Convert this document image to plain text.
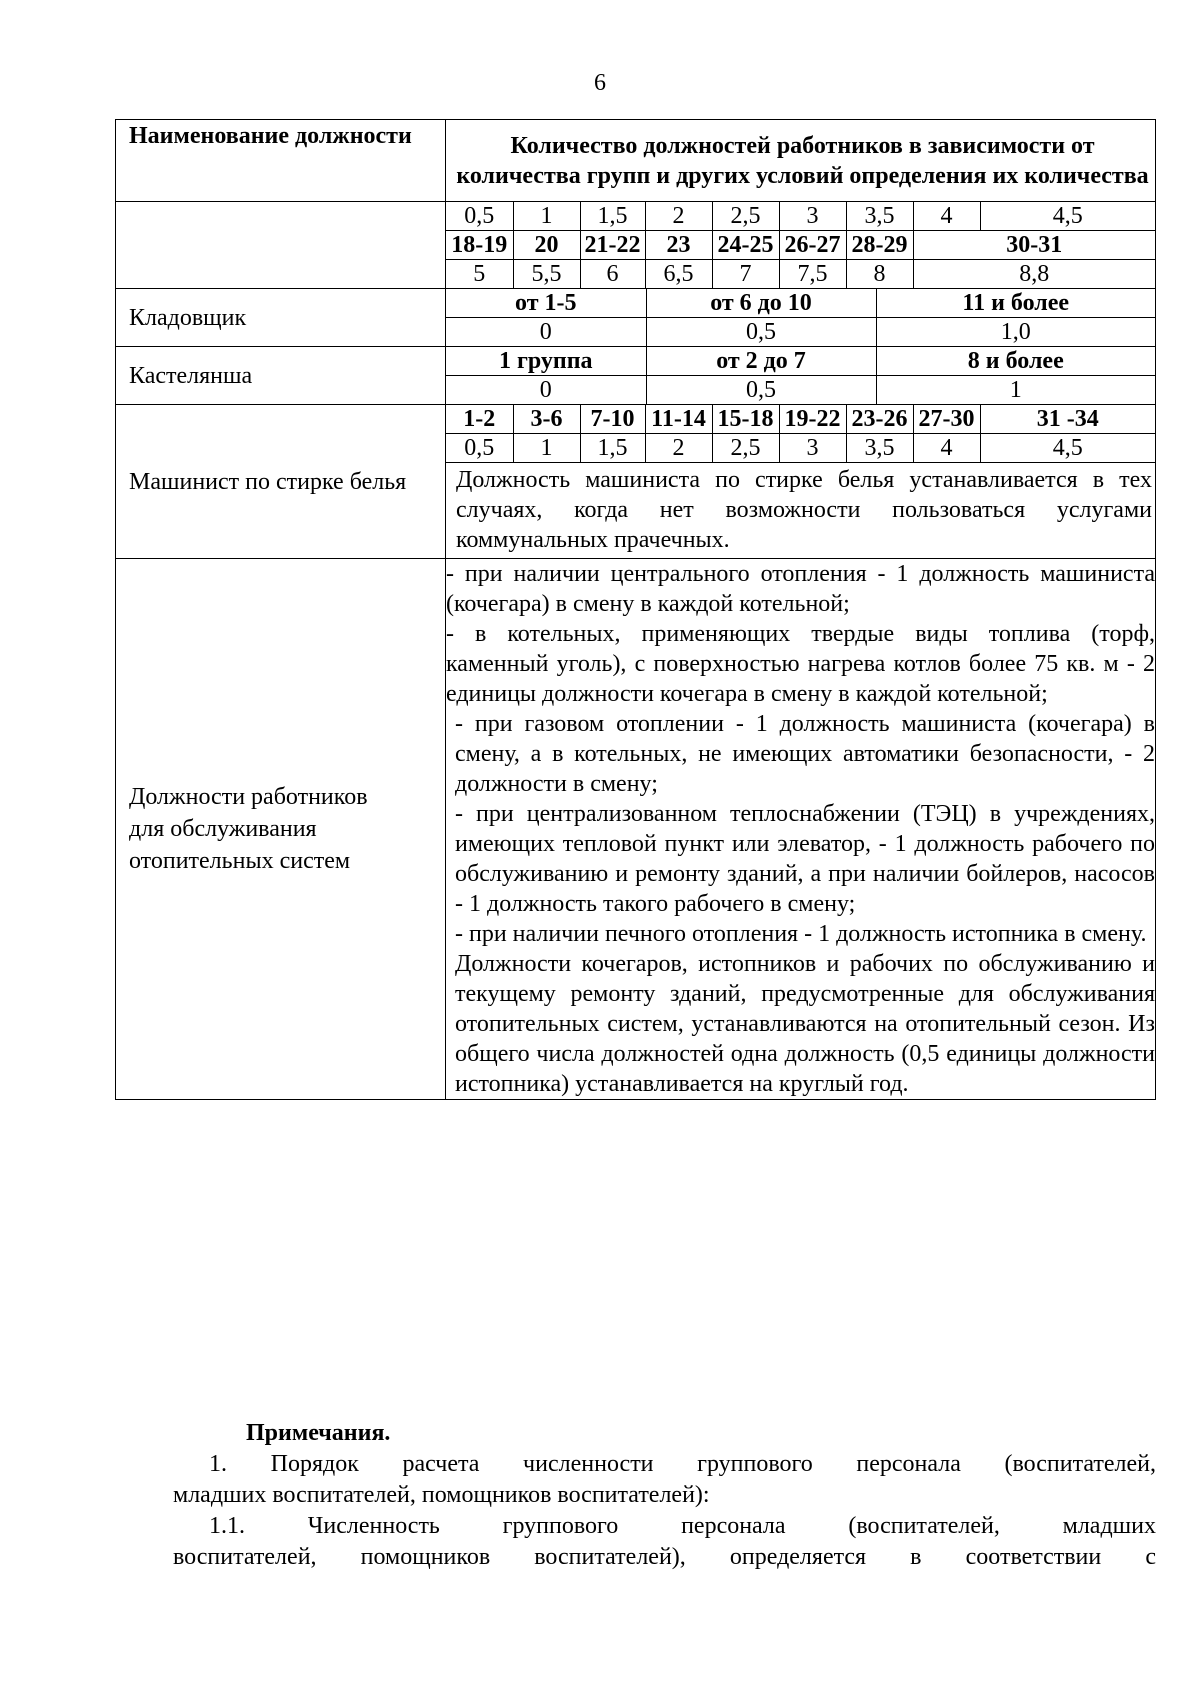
6
Наименование должности	Количество должностей работников в зависимости от количества групп и других условий определения их количества

0,5	1	1,5	2	2,5	3	3,5	4	4,5
18-19	20	21-22	23	24-25	26-27	28-29	30-31
5	5,5	6	6,5	7	7,5	8	8,8

Кладовщик	
от 1-5	от 6 до 10	11 и более
0	0,5	1,0

Кастелянша	
1 группа	от 2 до 7	8 и более
0	0,5	1

Машинист по стирке белья	
1-2	3-6	7-10	11-14	15-18	19-22	23-26	27-30	31 -34
0,5	1	1,5	2	2,5	3	3,5	4	4,5
Должность машиниста по стирке белья устанавливается в тех случаях, когда нет возможности пользоваться услугами коммунальных прачечных.

Должности работников
для обслуживания
отопительных систем

- при наличии центрального отопления - 1 должность машиниста (кочегара) в смену в каждой котельной;

- в котельных, применяющих твердые виды топлива (торф, каменный уголь), с поверхностью нагрева котлов более 75 кв. м - 2 единицы должности кочегара в смену в каждой котельной;

- при газовом отоплении - 1 должность машиниста (кочегара) в смену, а в котельных, не имеющих автоматики безопасности, - 2 должности в смену;

- при централизованном теплоснабжении (ТЭЦ) в учреждениях, имеющих тепловой пункт или элеватор, - 1 должность рабочего по обслуживанию и ремонту зданий, а при наличии бойлеров, насосов - 1 должность такого рабочего в смену;

- при наличии печного отопления - 1 должность истопника в смену.

Должности кочегаров, истопников и рабочих по обслуживанию и текущему ремонту зданий, предусмотренные для обслуживания отопительных систем, устанавливаются на отопительный сезон. Из общего числа должностей одна должность (0,5 единицы должности истопника) устанавливается на круглый год.

Примечания.

1. Порядок расчета численности группового персонала (воспитателей,

младших воспитателей, помощников воспитателей):

1.1. Численность группового персонала (воспитателей, младших

воспитателей, помощников воспитателей), определяется в соответствии с
